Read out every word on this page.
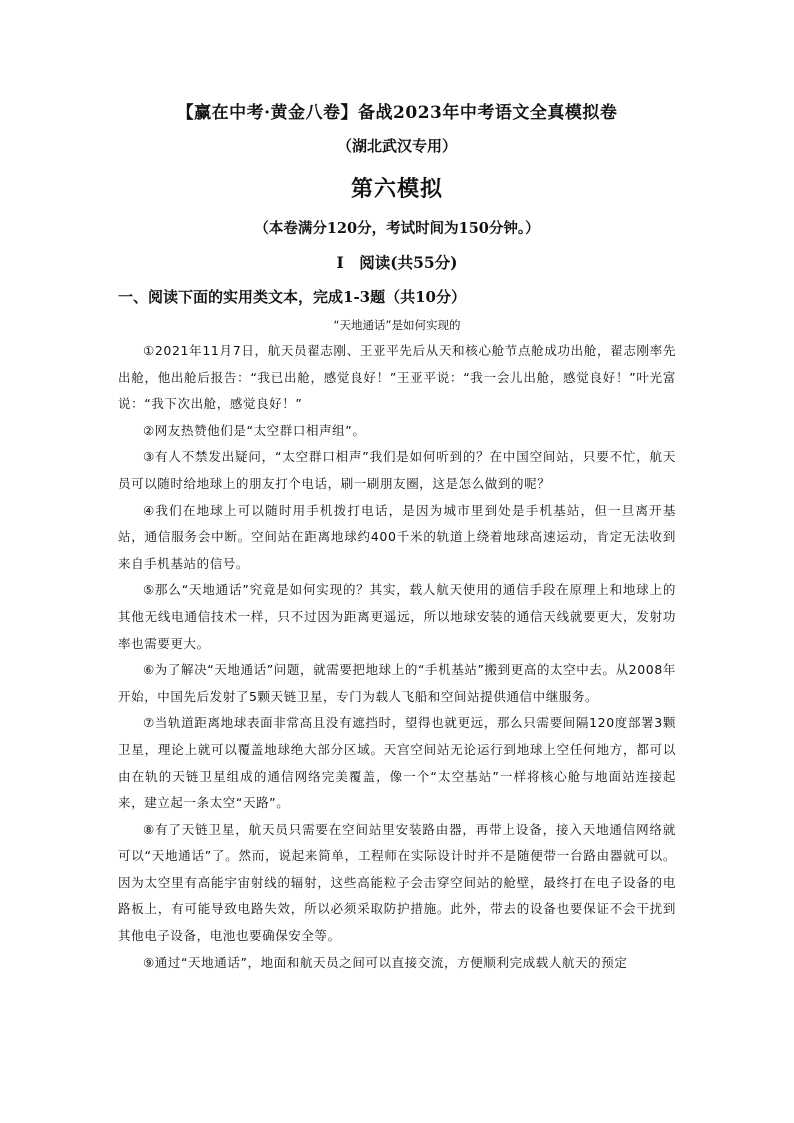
【赢在中考·黄金八卷】备战2023年中考语文全真模拟卷
（湖北武汉专用）
第六模拟
（本卷满分120分，考试时间为150分钟。）
I　阅读(共55分)
一、阅读下面的实用类文本，完成1-3题（共10分）
“天地通话”是如何实现的

①2021年11月7日，航天员翟志刚、王亚平先后从天和核心舱节点舱成功出舱，翟志刚率先出舱，他出舱后报告：“我已出舱，感觉良好！”王亚平说：“我一会儿出舱，感觉良好！”叶光富说：“我下次出舱，感觉良好！”

②网友热赞他们是“太空群口相声组”。

③有人不禁发出疑问，“太空群口相声”我们是如何听到的？在中国空间站，只要不忙，航天员可以随时给地球上的朋友打个电话，刷一刷朋友圈，这是怎么做到的呢？

④我们在地球上可以随时用手机拨打电话，是因为城市里到处是手机基站，但一旦离开基站，通信服务会中断。空间站在距离地球约400千米的轨道上绕着地球高速运动，肯定无法收到来自手机基站的信号。

⑤那么“天地通话”究竟是如何实现的？其实，载人航天使用的通信手段在原理上和地球上的其他无线电通信技术一样，只不过因为距离更遥远，所以地球安装的通信天线就要更大，发射功率也需要更大。

⑥为了解决“天地通话”问题，就需要把地球上的“手机基站”搬到更高的太空中去。从2008年开始，中国先后发射了5颗天链卫星，专门为载人飞船和空间站提供通信中继服务。

⑦当轨道距离地球表面非常高且没有遮挡时，望得也就更远，那么只需要间隔120度部署3颗卫星，理论上就可以覆盖地球绝大部分区域。天宫空间站无论运行到地球上空任何地方，都可以由在轨的天链卫星组成的通信网络完美覆盖，像一个“太空基站”一样将核心舱与地面站连接起来，建立起一条太空“天路”。

⑧有了天链卫星，航天员只需要在空间站里安装路由器，再带上设备，接入天地通信网络就可以“天地通话”了。然而，说起来简单，工程师在实际设计时并不是随便带一台路由器就可以。因为太空里有高能宇宙射线的辐射，这些高能粒子会击穿空间站的舱壁，最终打在电子设备的电路板上，有可能导致电路失效，所以必须采取防护措施。此外，带去的设备也要保证不会干扰到其他电子设备，电池也要确保安全等。

⑨通过“天地通话”，地面和航天员之间可以直接交流，方便顺利完成载人航天的预定
